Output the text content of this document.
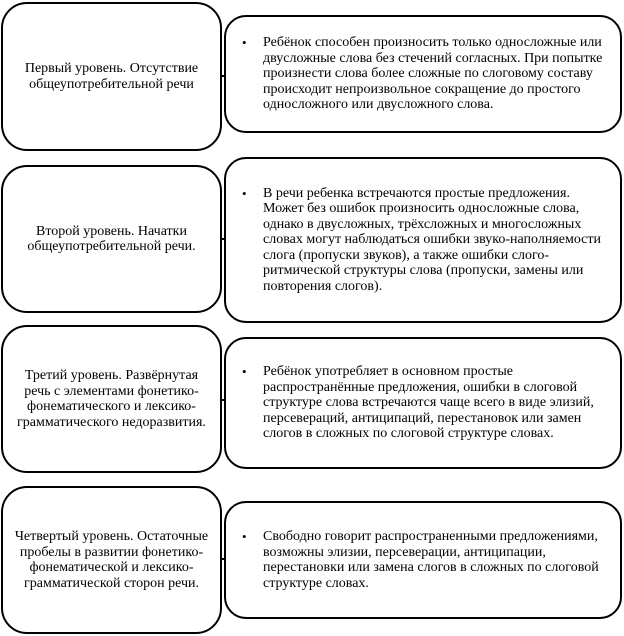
Первый уровень. Отсутствие общеупотребительной речи
• Ребёнок способен произносить только односложные или двусложные слова без стечений согласных. При попытке произнести слова более сложные по слоговому составу происходит непроизвольное сокращение до простого односложного или двусложного слова.
Второй уровень. Начатки общеупотребительной речи.
• В речи ребенка встречаются простые предложения. Может без ошибок произносить односложные слова, однако в двусложных, трёхсложных и многосложных словах могут наблюдаться ошибки звуко-наполняемости слога (пропуски звуков), а также ошибки слого-ритмической структуры слова (пропуски, замены или повторения слогов).
Третий уровень. Развёрнутая речь с элементами фонетико-фонематического и лексико-грамматического недоразвития.
• Ребёнок употребляет в основном простые распространённые предложения, ошибки в слоговой структуре слова встречаются чаще всего в виде элизий, персевераций, антиципаций, перестановок или замен слогов в сложных по слоговой структуре словах.
Четвертый уровень. Остаточные пробелы в развитии фонетико-фонематической и лексико-грамматической сторон речи.
• Свободно говорит распространенными предложениями, возможны элизии, персеверации, антиципации, перестановки или замена слогов в сложных по слоговой структуре словах.
